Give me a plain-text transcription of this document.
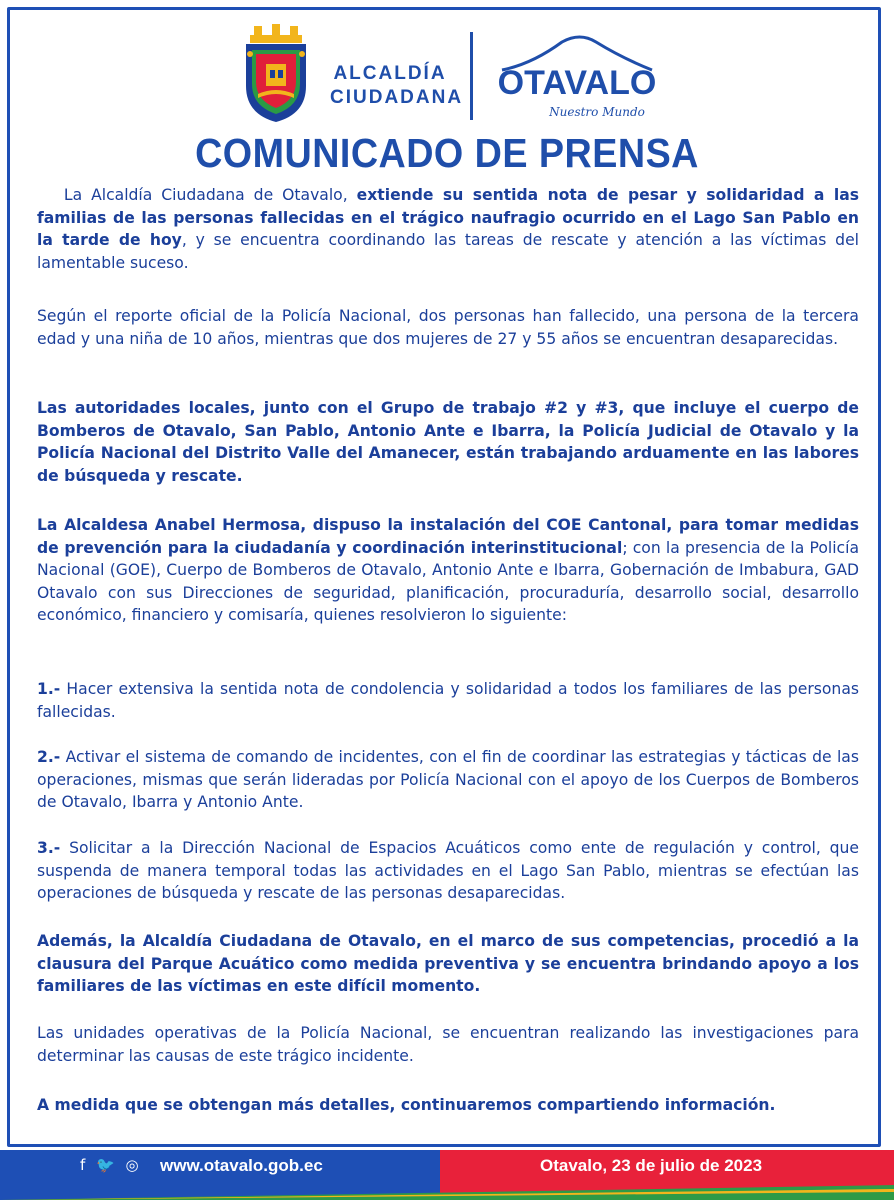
ALCALDÍA
CIUDADANA OTAVALO
Nuestro Mundo
COMUNICADO DE PRENSA

La Alcaldía Ciudadana de Otavalo, extiende su sentida nota de pesar y solidaridad a las familias de las personas fallecidas en el trágico naufragio ocurrido en el Lago San Pablo en la tarde de hoy, y se encuentra coordinando las tareas de rescate y atención a las víctimas del lamentable suceso.

Según el reporte oficial de la Policía Nacional, dos personas han fallecido, una persona de la tercera edad y una niña de 10 años, mientras que dos mujeres de 27 y 55 años se encuentran desaparecidas.

Las autoridades locales, junto con el Grupo de trabajo #2 y #3, que incluye el cuerpo de Bomberos de Otavalo, San Pablo, Antonio Ante e Ibarra, la Policía Judicial de Otavalo y la Policía Nacional del Distrito Valle del Amanecer, están trabajando arduamente en las labores de búsqueda y rescate.

La Alcaldesa Anabel Hermosa, dispuso la instalación del COE Cantonal, para tomar medidas de prevención para la ciudadanía y coordinación interinstitucional; con la presencia de la Policía Nacional (GOE), Cuerpo de Bomberos de Otavalo, Antonio Ante e Ibarra, Gobernación de Imbabura, GAD Otavalo con sus Direcciones de seguridad, planificación, procuraduría, desarrollo social, desarrollo económico, financiero y comisaría, quienes resolvieron lo siguiente:

1.- Hacer extensiva la sentida nota de condolencia y solidaridad a todos los familiares de las personas fallecidas.

2.- Activar el sistema de comando de incidentes, con el fin de coordinar las estrategias y tácticas de las operaciones, mismas que serán lideradas por Policía Nacional con el apoyo de los Cuerpos de Bomberos de Otavalo, Ibarra y Antonio Ante.

3.- Solicitar a la Dirección Nacional de Espacios Acuáticos como ente de regulación y control, que suspenda de manera temporal todas las actividades en el Lago San Pablo, mientras se efectúan las operaciones de búsqueda y rescate de las personas desaparecidas.

Además, la Alcaldía Ciudadana de Otavalo, en el marco de sus competencias, procedió a la clausura del Parque Acuático como medida preventiva y se encuentra brindando apoyo a los familiares de las víctimas en este difícil momento.

Las unidades operativas de la Policía Nacional, se encuentran realizando las investigaciones para determinar las causas de este trágico incidente.

A medida que se obtengan más detalles, continuaremos compartiendo información.

f 🐦 ◎ www.otavalo.gob.ec	Otavalo, 23 de julio de 2023
